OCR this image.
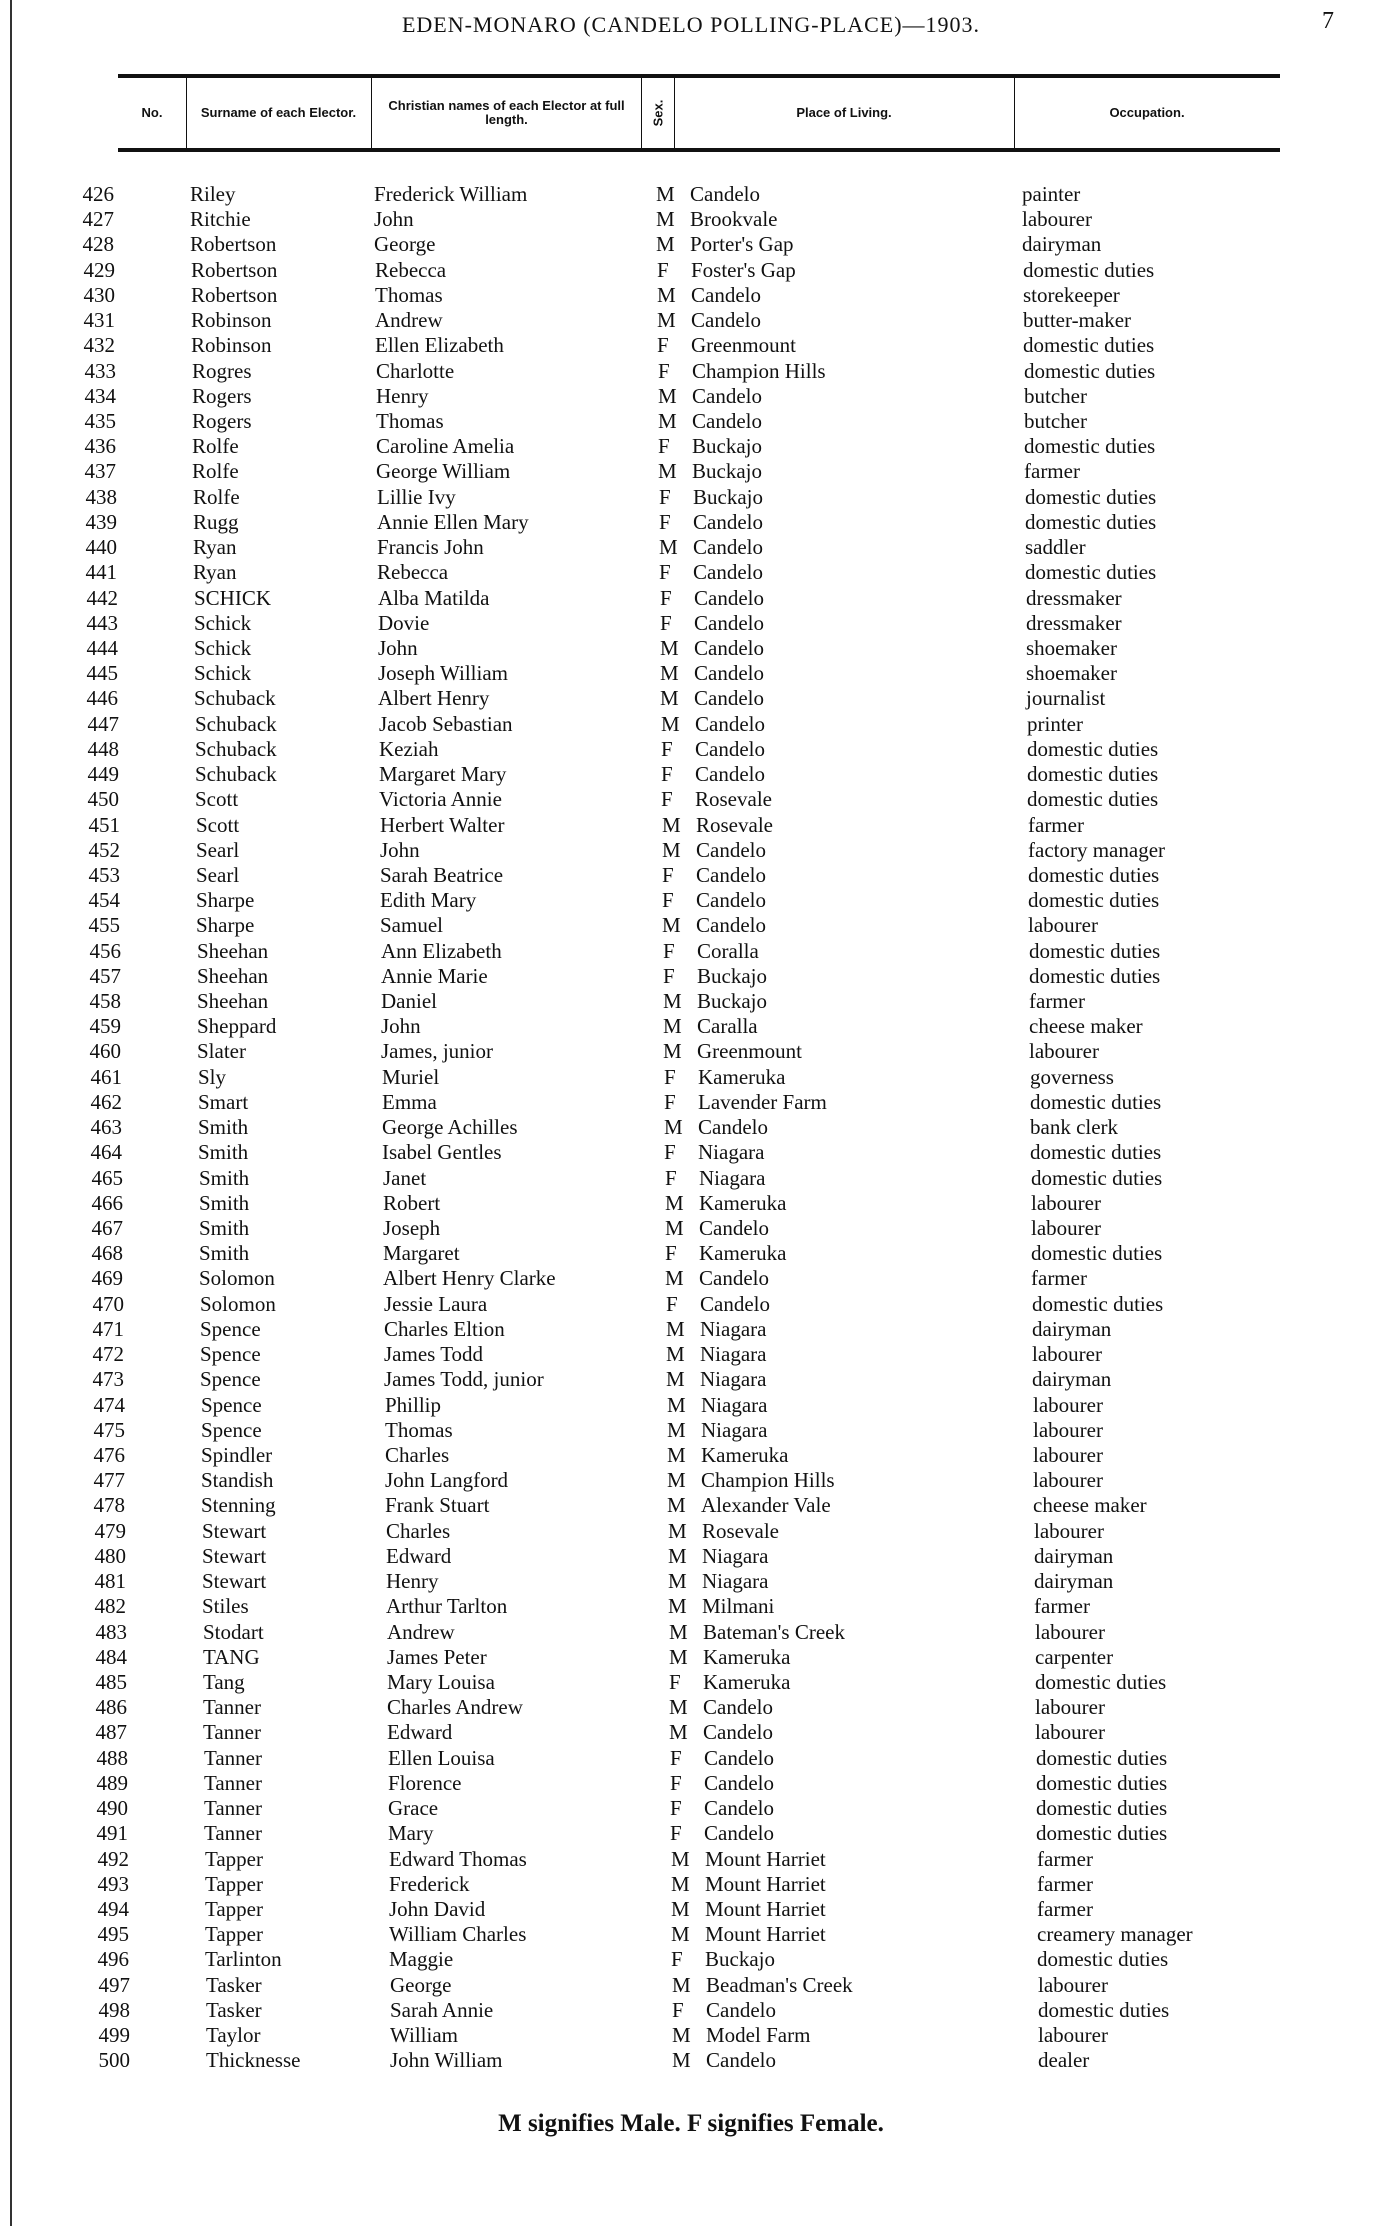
EDEN-MONARO (CANDELO POLLING-PLACE)—1903.	7
No.	Surname of each Elector.	Christian names of each Elector at full length.	Sex.	Place of Living.	Occupation.
426	Riley	Frederick William	M Candelo	painter
427	Ritchie	John	M Brookvale	labourer
428	Robertson	George	M Porter's Gap	dairyman
429	Robertson	Rebecca	F Foster's Gap	domestic duties
430	Robertson	Thomas	M Candelo	storekeeper
431	Robinson	Andrew	M Candelo	butter-maker
432	Robinson	Ellen Elizabeth	F Greenmount	domestic duties
433	Rogres	Charlotte	F Champion Hills	domestic duties
434	Rogers	Henry	M Candelo	butcher
435	Rogers	Thomas	M Candelo	butcher
436	Rolfe	Caroline Amelia	F Buckajo	domestic duties
437	Rolfe	George William	M Buckajo	farmer
438	Rolfe	Lillie Ivy	F Buckajo	domestic duties
439	Rugg	Annie Ellen Mary	F Candelo	domestic duties
440	Ryan	Francis John	M Candelo	saddler
441	Ryan	Rebecca	F Candelo	domestic duties
442	SCHICK	Alba Matilda	F Candelo	dressmaker
443	Schick	Dovie	F Candelo	dressmaker
444	Schick	John	M Candelo	shoemaker
445	Schick	Joseph William	M Candelo	shoemaker
446	Schuback	Albert Henry	M Candelo	journalist
447	Schuback	Jacob Sebastian	M Candelo	printer
448	Schuback	Keziah	F Candelo	domestic duties
449	Schuback	Margaret Mary	F Candelo	domestic duties
450	Scott	Victoria Annie	F Rosevale	domestic duties
451	Scott	Herbert Walter	M Rosevale	farmer
452	Searl	John	M Candelo	factory manager
453	Searl	Sarah Beatrice	F Candelo	domestic duties
454	Sharpe	Edith Mary	F Candelo	domestic duties
455	Sharpe	Samuel	M Candelo	labourer
456	Sheehan	Ann Elizabeth	F Coralla	domestic duties
457	Sheehan	Annie Marie	F Buckajo	domestic duties
458	Sheehan	Daniel	M Buckajo	farmer
459	Sheppard	John	M Caralla	cheese maker
460	Slater	James, junior	M Greenmount	labourer
461	Sly	Muriel	F Kameruka	governess
462	Smart	Emma	F Lavender Farm	domestic duties
463	Smith	George Achilles	M Candelo	bank clerk
464	Smith	Isabel Gentles	F Niagara	domestic duties
465	Smith	Janet	F Niagara	domestic duties
466	Smith	Robert	M Kameruka	labourer
467	Smith	Joseph	M Candelo	labourer
468	Smith	Margaret	F Kameruka	domestic duties
469	Solomon	Albert Henry Clarke	M Candelo	farmer
470	Solomon	Jessie Laura	F Candelo	domestic duties
471	Spence	Charles Eltion	M Niagara	dairyman
472	Spence	James Todd	M Niagara	labourer
473	Spence	James Todd, junior	M Niagara	dairyman
474	Spence	Phillip	M Niagara	labourer
475	Spence	Thomas	M Niagara	labourer
476	Spindler	Charles	M Kameruka	labourer
477	Standish	John Langford	M Champion Hills	labourer
478	Stenning	Frank Stuart	M Alexander Vale	cheese maker
479	Stewart	Charles	M Rosevale	labourer
480	Stewart	Edward	M Niagara	dairyman
481	Stewart	Henry	M Niagara	dairyman
482	Stiles	Arthur Tarlton	M Milmani	farmer
483	Stodart	Andrew	M Bateman's Creek	labourer
484	TANG	James Peter	M Kameruka	carpenter
485	Tang	Mary Louisa	F Kameruka	domestic duties
486	Tanner	Charles Andrew	M Candelo	labourer
487	Tanner	Edward	M Candelo	labourer
488	Tanner	Ellen Louisa	F Candelo	domestic duties
489	Tanner	Florence	F Candelo	domestic duties
490	Tanner	Grace	F Candelo	domestic duties
491	Tanner	Mary	F Candelo	domestic duties
492	Tapper	Edward Thomas	M Mount Harriet	farmer
493	Tapper	Frederick	M Mount Harriet	farmer
494	Tapper	John David	M Mount Harriet	farmer
495	Tapper	William Charles	M Mount Harriet	creamery manager
496	Tarlinton	Maggie	F Buckajo	domestic duties
497	Tasker	George	M Beadman's Creek	labourer
498	Tasker	Sarah Annie	F Candelo	domestic duties
499	Taylor	William	M Model Farm	labourer
500	Thicknesse	John William	M Candelo	dealer
M signifies Male. F signifies Female.
